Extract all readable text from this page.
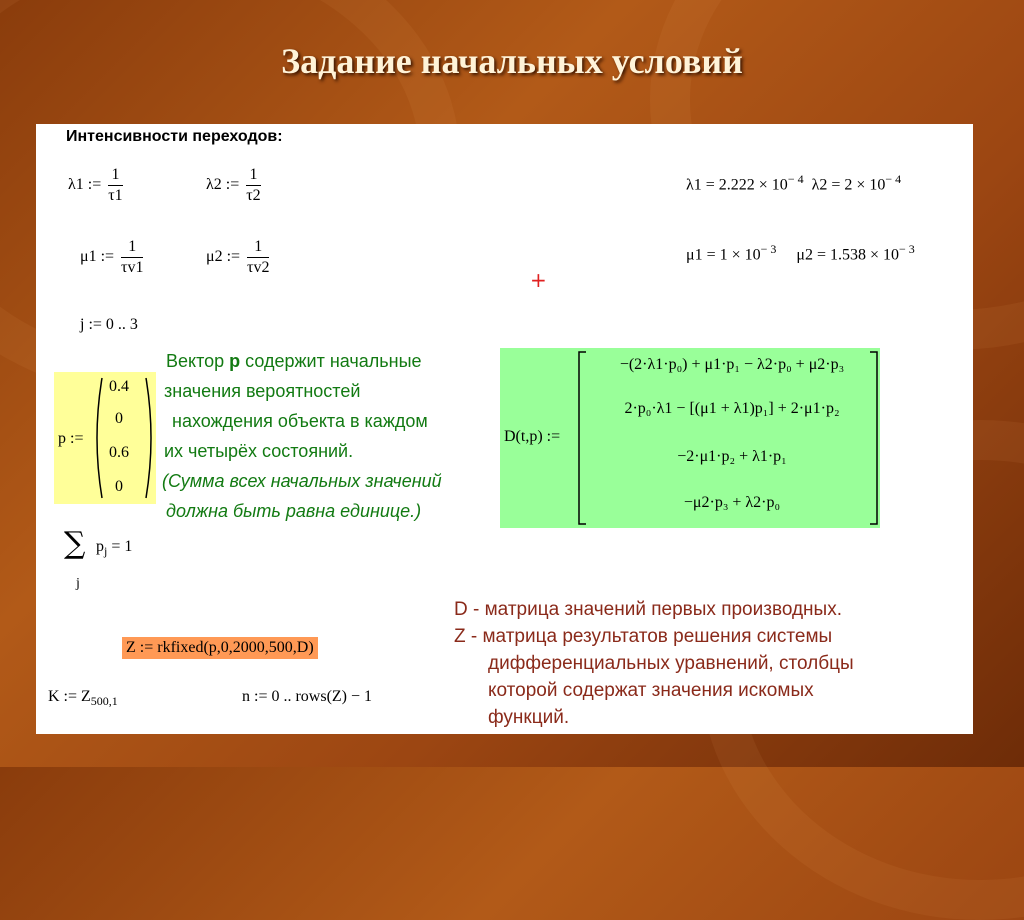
Задание начальных условий
Интенсивности переходов:
λ1 := $\frac{1}{\tau 1}$	λ2 := $\frac{1}{\tau 2}$	$\lambda 1 = 2.222 \times 10^{- 4}$ $\lambda 2 = 2 \times 10^{- 4}$
μ1 := $\frac{1}{\tau v1}$	μ2 := $\frac{1}{\tau v2}$	$\mu 1 = 1 \times 10^{- 3}$ $\mu 2 = 1.538 \times 10^{- 3}$
+
j := 0 .. 3
p :=
0.4
0
0.6
0
Вектор p содержит начальные
значения вероятностей
нахождения объекта в каждом
их четырёх состояний.
(Сумма всех начальных значений
должна быть равна единице.)
D(t,p) :=
−(2·λ1·p₀) + μ1·p₁ − λ2·p₀ + μ2·p₃
2·p₀·λ1 − [(μ1 + λ1)p₁] + 2·μ1·p₂
−2·μ1·p₂ + λ1·p₁
−μ2·p₃ + λ2·p₀
∑
j
$p_j = 1$
Z := rkfixed(p,0,2000,500,D)
K := $Z_{500,1}$	n := 0 .. rows(Z) − 1
D - матрица значений первых производных.
Z - матрица результатов решения системы
дифференциальных уравнений, столбцы
которой содержат значения искомых
функций.
